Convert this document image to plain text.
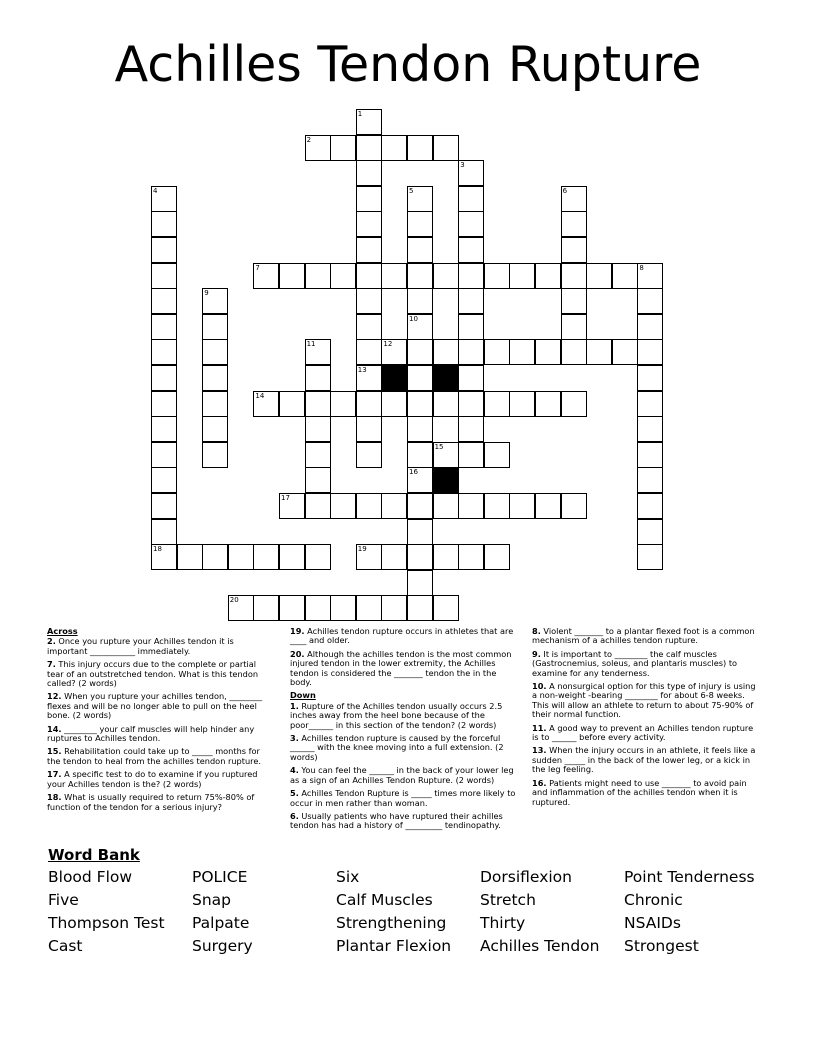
Achilles Tendon Rupture
2
7
12
14
15
17
18	19
20
1
13
3
4	5
10
16
6
8
9
11
Across
2. Once you rupture your Achilles tendon it is important ___________ immediately.
7. This injury occurs due to the complete or partial tear of an outstretched tendon. What is this tendon called? (2 words)
12. When you rupture your achilles tendon, ________ flexes and will be no longer able to pull on the heel bone. (2 words)
14. ________ your calf muscles will help hinder any ruptures to Achilles tendon.
15. Rehabilitation could take up to _____ months for the tendon to heal from the achilles tendon rupture.
17. A specific test to do to examine if you ruptured your Achilles tendon is the? (2 words)
18. What is usually required to return 75%-80% of function of the tendon for a serious injury?
19. Achilles tendon rupture occurs in athletes that are ____ and older.
20. Although the achilles tendon is the most common injured tendon in the lower extremity, the Achilles tendon is considered the _______ tendon the in the body.
Down
1. Rupture of the Achilles tendon usually occurs 2.5 inches away from the heel bone because of the poor______ in this section of the tendon? (2 words)
3. Achilles tendon rupture is caused by the forceful ______ with the knee moving into a full extension. (2 words)
4. You can feel the ______ in the back of your lower leg as a sign of an Achilles Tendon Rupture. (2 words)
5. Achilles Tendon Rupture is _____ times more likely to occur in men rather than woman.
6. Usually patients who have ruptured their achilles tendon has had a history of _________ tendinopathy.
8. Violent _______ to a plantar flexed foot is a common mechanism of a achilles tendon rupture.
9. It is important to ________ the calf muscles (Gastrocnemius, soleus, and plantaris muscles) to examine for any tenderness.
10. A nonsurgical option for this type of injury is using a non-weight -bearing ________ for about 6-8 weeks. This will allow an athlete to return to about 75-90% of their normal function.
11. A good way to prevent an Achilles tendon rupture is to ______ before every activity.
13. When the injury occurs in an athlete, it feels like a sudden _____ in the back of the lower leg, or a kick in the leg feeling.
16. Patients might need to use _______ to avoid pain and inflammation of the achilles tendon when it is ruptured.
Word Bank
Blood Flow	POLICE	Six	Dorsiflexion	Point Tenderness
Five	Snap	Calf Muscles	Stretch	Chronic
Thompson Test	Palpate	Strengthening	Thirty	NSAIDs
Cast	Surgery	Plantar Flexion	Achilles Tendon	Strongest
